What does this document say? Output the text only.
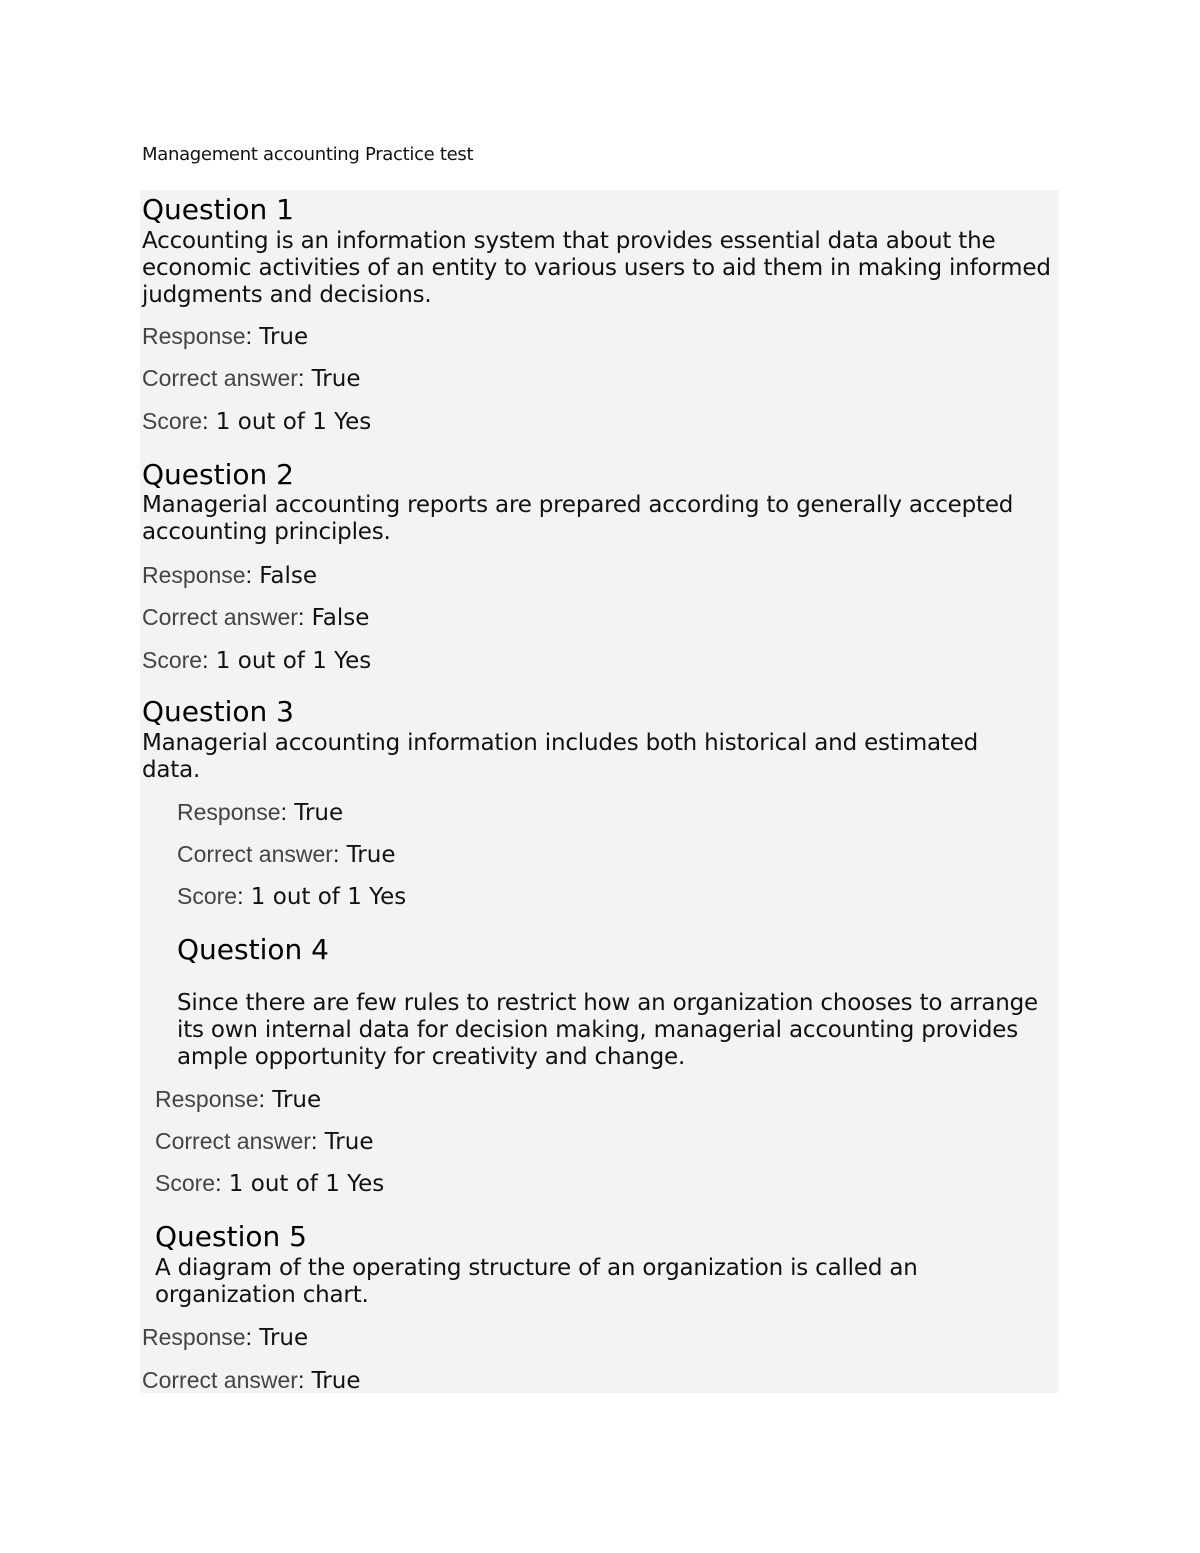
Management accounting Practice test
Question 1
Accounting is an information system that provides essential data about the economic activities of an entity to various users to aid them in making informed judgments and decisions.
Response: True
Correct answer: True
Score: 1 out of 1 Yes
Question 2
Managerial accounting reports are prepared according to generally accepted accounting principles.
Response: False
Correct answer: False
Score: 1 out of 1 Yes
Question 3
Managerial accounting information includes both historical and estimated data.
Response: True
Correct answer: True
Score: 1 out of 1 Yes
Question 4
Since there are few rules to restrict how an organization chooses to arrange its own internal data for decision making, managerial accounting provides ample opportunity for creativity and change.
Response: True
Correct answer: True
Score: 1 out of 1 Yes
Question 5
A diagram of the operating structure of an organization is called an organization chart.
Response: True
Correct answer: True
